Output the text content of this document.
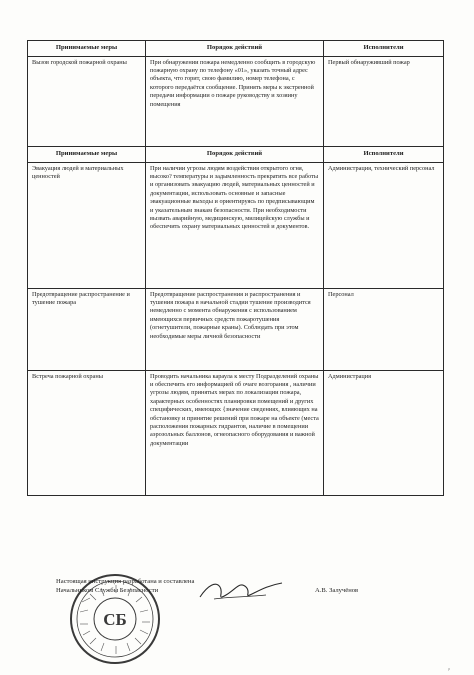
Принимаемые меры	Порядок действий	Исполнители
Вызов городской пожарной охраны	При обнаружении пожара немедленно сообщить в городскую пожарную охрану по телефону «01», указать точный адрес объекта, что горит, свою фамилию, номер телефона, с которого передаётся сообщение. Принять меры к экстренной передачи информации о пожаре руководству и хозяину помещения	Первый обнаруживший пожар
Принимаемые меры	Порядок действий	Исполнители
Эвакуация людей и материальных ценностей	При наличии угрозы людям воздействия открытого огня, высоко? температуры и задымленность прекратить все работы и организовать эвакуацию людей, материальных ценностей и документации, использовать основные и запасные эвакуационные выходы и ориентируясь по предписывающим и указательным знакам безопасности. При необходимости вызвать аварийную, медицинскую, милицейскую службы и обеспечить охрану материальных ценностей и документов.	Администрация, технический персонал
Предотвращение распространение и тушение пожара	Предотвращение распространения и распространения и тушения пожара в начальной стадии тушение производится немедленно с момента обнаружения с использованием имеющихся первичных средств пожаротушения (огнетушители, пожарные краны). Соблюдать при этом необходимые меры личной безопасности	Персонал
Встреча пожарной охраны	Проводить начальника караула к месту Подразделений охраны и обеспечить его информацией об очаге возгорания , наличии угрозы людям, принятых мерах по локализации пожара, характерных особенностях планировки помещений и других специфических, имеющих {значение сведениях, влияющих на обстановку и принятие решений при пожаре на объекте (места расположения пожарных гидрантов, наличие в помещении аэрозольных баллонов, огнеопасного оборудования и важной документации	Администрация
СБ
Настоящая инструкция разработана и составлена
Начальником Службы Безопасности	А.В. Залучёнов
ρ
